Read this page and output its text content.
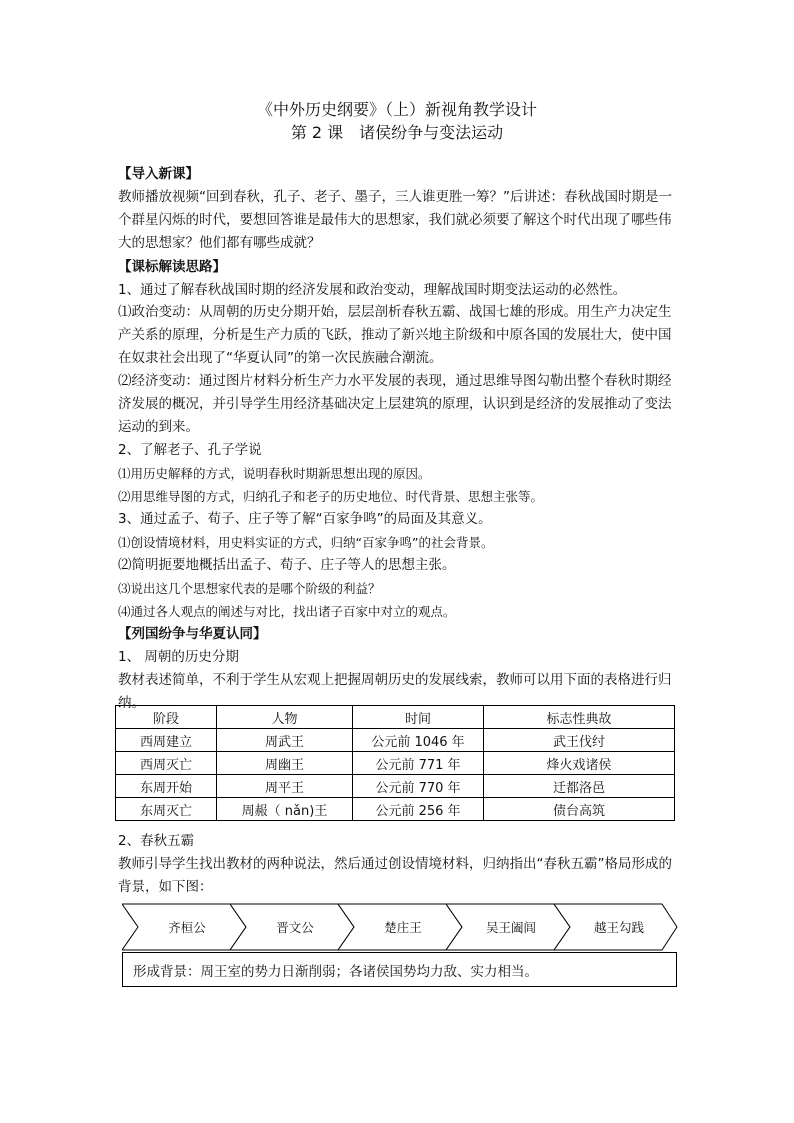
《中外历史纲要》（上）新视角教学设计
第 2 课　诸侯纷争与变法运动

【导入新课】

教师播放视频“回到春秋，孔子、老子、墨子，三人谁更胜一筹？”后讲述：春秋战国时期是一个群星闪烁的时代，要想回答谁是最伟大的思想家，我们就必须要了解这个时代出现了哪些伟大的思想家？他们都有哪些成就？

【课标解读思路】

1、通过了解春秋战国时期的经济发展和政治变动，理解战国时期变法运动的必然性。

⑴政治变动：从周朝的历史分期开始，层层剖析春秋五霸、战国七雄的形成。用生产力决定生产关系的原理，分析是生产力质的飞跃，推动了新兴地主阶级和中原各国的发展壮大，使中国在奴隶社会出现了“华夏认同”的第一次民族融合潮流。

⑵经济变动：通过图片材料分析生产力水平发展的表现，通过思维导图勾勒出整个春秋时期经济发展的概况，并引导学生用经济基础决定上层建筑的原理，认识到是经济的发展推动了变法运动的到来。

2、了解老子、孔子学说

⑴用历史解释的方式，说明春秋时期新思想出现的原因。

⑵用思维导图的方式，归纳孔子和老子的历史地位、时代背景、思想主张等。

3、通过孟子、荀子、庄子等了解“百家争鸣”的局面及其意义。

⑴创设情境材料，用史料实证的方式，归纳“百家争鸣”的社会背景。

⑵简明扼要地概括出孟子、荀子、庄子等人的思想主张。

⑶说出这几个思想家代表的是哪个阶级的利益？

⑷通过各人观点的阐述与对比，找出诸子百家中对立的观点。

【列国纷争与华夏认同】

1、 周朝的历史分期

教材表述简单，不利于学生从宏观上把握周朝历史的发展线索，教师可以用下面的表格进行归纳。

阶段	人物	时间	标志性典故
西周建立	周武王	公元前 1046 年	武王伐纣
西周灭亡	周幽王	公元前 771 年	烽火戏诸侯
东周开始	周平王	公元前 770 年	迁都洛邑
东周灭亡	周赧（ nǎn)王	公元前 256 年	债台高筑

2、春秋五霸

教师引导学生找出教材的两种说法，然后通过创设情境材料，归纳指出“春秋五霸”格局形成的背景，如下图：

齐桓公	晋文公	楚庄王	吴王阖闾	越王勾践
形成背景：周王室的势力日渐削弱；各诸侯国势均力敌、实力相当。
